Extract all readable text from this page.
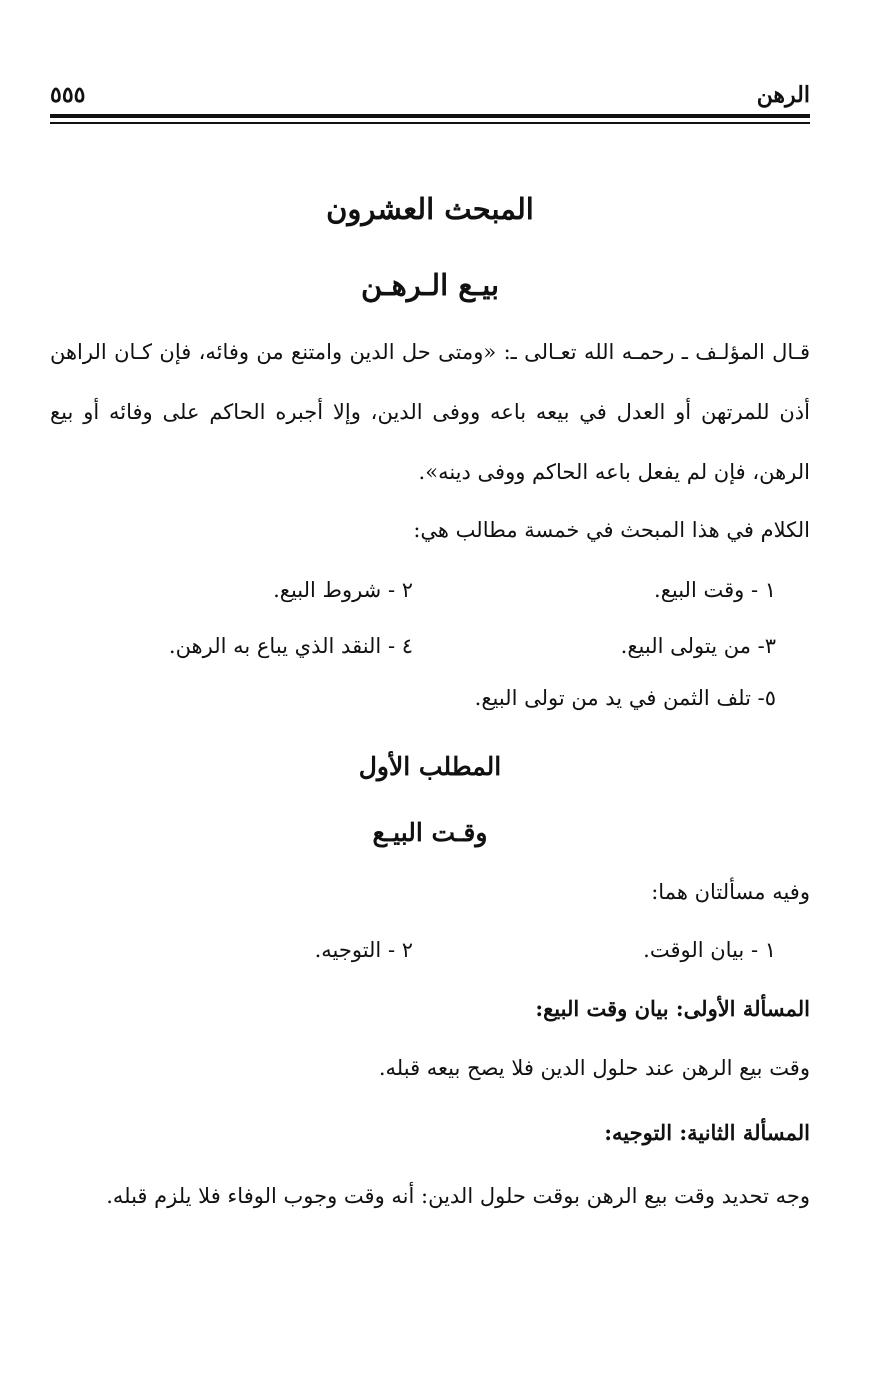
الرهن
٥٥٥
المبحث العشرون
بيـع الـرهـن
قـال المؤلـف ـ رحمـه الله تعـالى ـ: «ومتى حل الدين وامتنع من وفائه، فإن كـان الراهن أذن للمرتهن أو العدل في بيعه باعه ووفى الدين، وإلا أجبره الحاكم على وفائه أو بيع الرهن، فإن لم يفعل باعه الحاكم ووفى دينه».
الكلام في هذا المبحث في خمسة مطالب هي:
١ - وقت البيع.
٢ - شروط البيع.
٣- من يتولى البيع.
٤ - النقد الذي يباع به الرهن.
٥- تلف الثمن في يد من تولى البيع.
المطلب الأول
وقـت البيـع
وفيه مسألتان هما:
١ - بيان الوقت.
٢ - التوجيه.
المسألة الأولى: بيان وقت البيع:
وقت بيع الرهن عند حلول الدين فلا يصح بيعه قبله.
المسألة الثانية: التوجيه:
وجه تحديد وقت بيع الرهن بوقت حلول الدين: أنه وقت وجوب الوفاء فلا يلزم قبله.
